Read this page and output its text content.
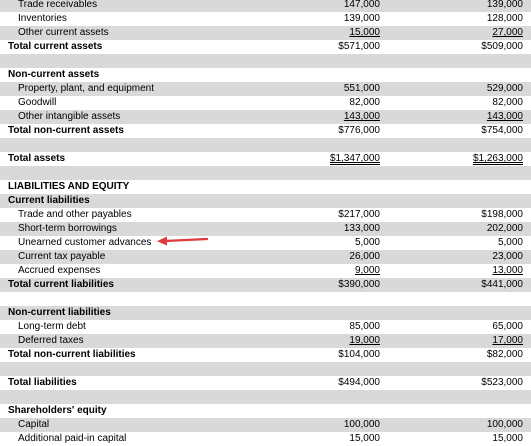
Trade receivables	147,000	139,000
Inventories	139,000	128,000
Other current assets	15,000	27,000
Total current assets	$571,000	$509,000
Non-current assets
Property, plant, and equipment	551,000	529,000
Goodwill	82,000	82,000
Other intangible assets	143,000	143,000
Total non-current assets	$776,000	$754,000
Total assets	$1,347,000	$1,263,000
LIABILITIES AND EQUITY
Current liabilities
Trade and other payables	$217,000	$198,000
Short-term borrowings	133,000	202,000
Unearned customer advances	5,000	5,000
Current tax payable	26,000	23,000
Accrued expenses	9,000	13,000
Total current liabilities	$390,000	$441,000
Non-current liabilities
Long-term debt	85,000	65,000
Deferred taxes	19,000	17,000
Total non-current liabilities	$104,000	$82,000
Total liabilities	$494,000	$523,000
Shareholders' equity
Capital	100,000	100,000
Additional paid-in capital	15,000	15,000
